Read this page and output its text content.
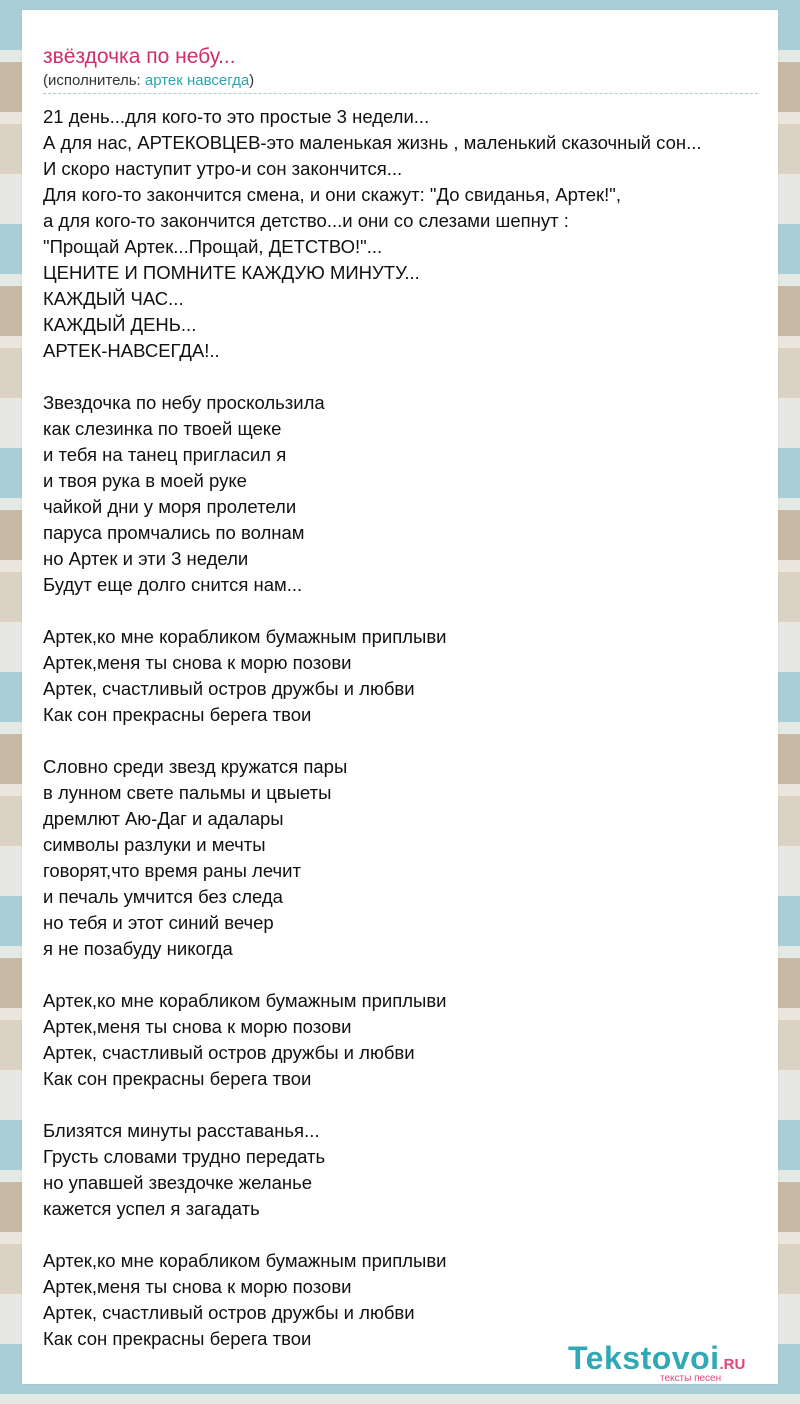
звёздочка по небу...
(исполнитель: артек навсегда)
21 день...для кого-то это простые 3 недели...
А для нас, АРТЕКОВЦЕВ-это маленькая жизнь , маленький сказочный сон...
И скоро наступит утро-и сон закончится...
Для кого-то закончится смена, и они скажут: "До свиданья, Артек!",
а для кого-то закончится детство...и они со слезами шепнут :
"Прощай Артек...Прощай, ДЕТСТВО!"...
ЦЕНИТЕ И ПОМНИТЕ КАЖДУЮ МИНУТУ...
КАЖДЫЙ ЧАС...
КАЖДЫЙ ДЕНЬ...
АРТЕК-НАВСЕГДА!..
Звездочка по небу проскользила
как слезинка по твоей щеке
и тебя на танец пригласил я
и твоя рука в моей руке
чайкой дни у моря пролетели
паруса промчались по волнам
но Артек и эти 3 недели
Будут еще долго снится нам...
Артек,ко мне корабликом бумажным приплыви
Артек,меня ты снова к морю позови
Артек, счастливый остров дружбы и любви
Как сон прекрасны берега твои
Словно среди звезд кружатся пары
в лунном свете пальмы и цвыеты
дремлют Аю-Даг и адалары
символы разлуки и мечты
говорят,что время раны лечит
и печаль умчится без следа
но тебя и этот синий вечер
я не позабуду никогда
Артек,ко мне корабликом бумажным приплыви
Артек,меня ты снова к морю позови
Артек, счастливый остров дружбы и любви
Как сон прекрасны берега твои
Близятся минуты расставанья...
Грусть словами трудно передать
но упавшей звездочке желанье
кажется успел я загадать
Артек,ко мне корабликом бумажным приплыви
Артек,меня ты снова к морю позови
Артек, счастливый остров дружбы и любви
Как сон прекрасны берега твои
Tekstovoi.RU
тексты песен
